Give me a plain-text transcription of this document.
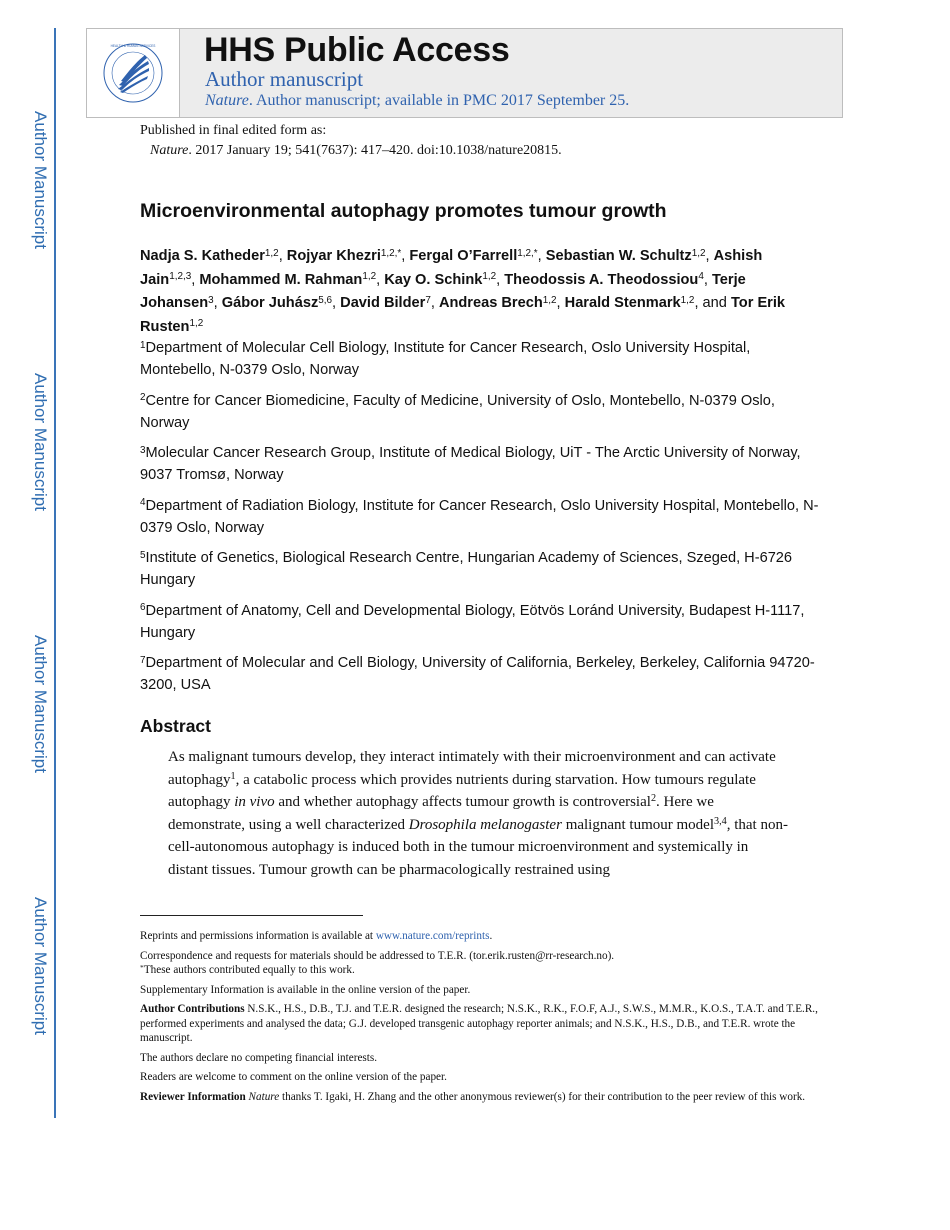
Author Manuscript
Author Manuscript
Author Manuscript
Author Manuscript
HEALTH & HUMAN SERVICES HHS Public Access
Author manuscript
Nature. Author manuscript; available in PMC 2017 September 25.
Published in final edited form as:
Nature. 2017 January 19; 541(7637): 417–420. doi:10.1038/nature20815.
Microenvironmental autophagy promotes tumour growth
Nadja S. Katheder$^{1,2}$, Rojyar Khezri$^{1,2,*}$, Fergal O’Farrell$^{1,2,*}$, Sebastian W. Schultz$^{1,2}$, Ashish Jain$^{1,2,3}$, Mohammed M. Rahman$^{1,2}$, Kay O. Schink$^{1,2}$, Theodossis A. Theodossiou$^4$, Terje Johansen$^3$, Gábor Juhász$^{5,6}$, David Bilder$^7$, Andreas Brech$^{1,2}$, Harald Stenmark$^{1,2}$, and Tor Erik Rusten$^{1,2}$
$^1$Department of Molecular Cell Biology, Institute for Cancer Research, Oslo University Hospital, Montebello, N-0379 Oslo, Norway
$^2$Centre for Cancer Biomedicine, Faculty of Medicine, University of Oslo, Montebello, N-0379 Oslo, Norway
$^3$Molecular Cancer Research Group, Institute of Medical Biology, UiT - The Arctic University of Norway, 9037 Tromsø, Norway
$^4$Department of Radiation Biology, Institute for Cancer Research, Oslo University Hospital, Montebello, N-0379 Oslo, Norway
$^5$Institute of Genetics, Biological Research Centre, Hungarian Academy of Sciences, Szeged, H-6726 Hungary
$^6$Department of Anatomy, Cell and Developmental Biology, Eötvös Loránd University, Budapest H-1117, Hungary
$^7$Department of Molecular and Cell Biology, University of California, Berkeley, Berkeley, California 94720-3200, USA
Abstract
As malignant tumours develop, they interact intimately with their microenvironment and can activate autophagy$^1$, a catabolic process which provides nutrients during starvation. How tumours regulate autophagy in vivo and whether autophagy affects tumour growth is controversial$^2$. Here we demonstrate, using a well characterized Drosophila melanogaster malignant tumour model$^{3,4}$, that non-cell-autonomous autophagy is induced both in the tumour microenvironment and systemically in distant tissues. Tumour growth can be pharmacologically restrained using

Reprints and permissions information is available at www.nature.com/reprints.

Correspondence and requests for materials should be addressed to T.E.R. (tor.erik.rusten@rr-research.no).

*These authors contributed equally to this work.

Supplementary Information is available in the online version of the paper.

Author Contributions N.S.K., H.S., D.B., T.J. and T.E.R. designed the research; N.S.K., R.K., F.O.F, A.J., S.W.S., M.M.R., K.O.S., T.A.T. and T.E.R., performed experiments and analysed the data; G.J. developed transgenic autophagy reporter animals; and N.S.K., H.S., D.B., and T.E.R. wrote the manuscript.

The authors declare no competing financial interests.

Readers are welcome to comment on the online version of the paper.

Reviewer Information Nature thanks T. Igaki, H. Zhang and the other anonymous reviewer(s) for their contribution to the peer review of this work.
